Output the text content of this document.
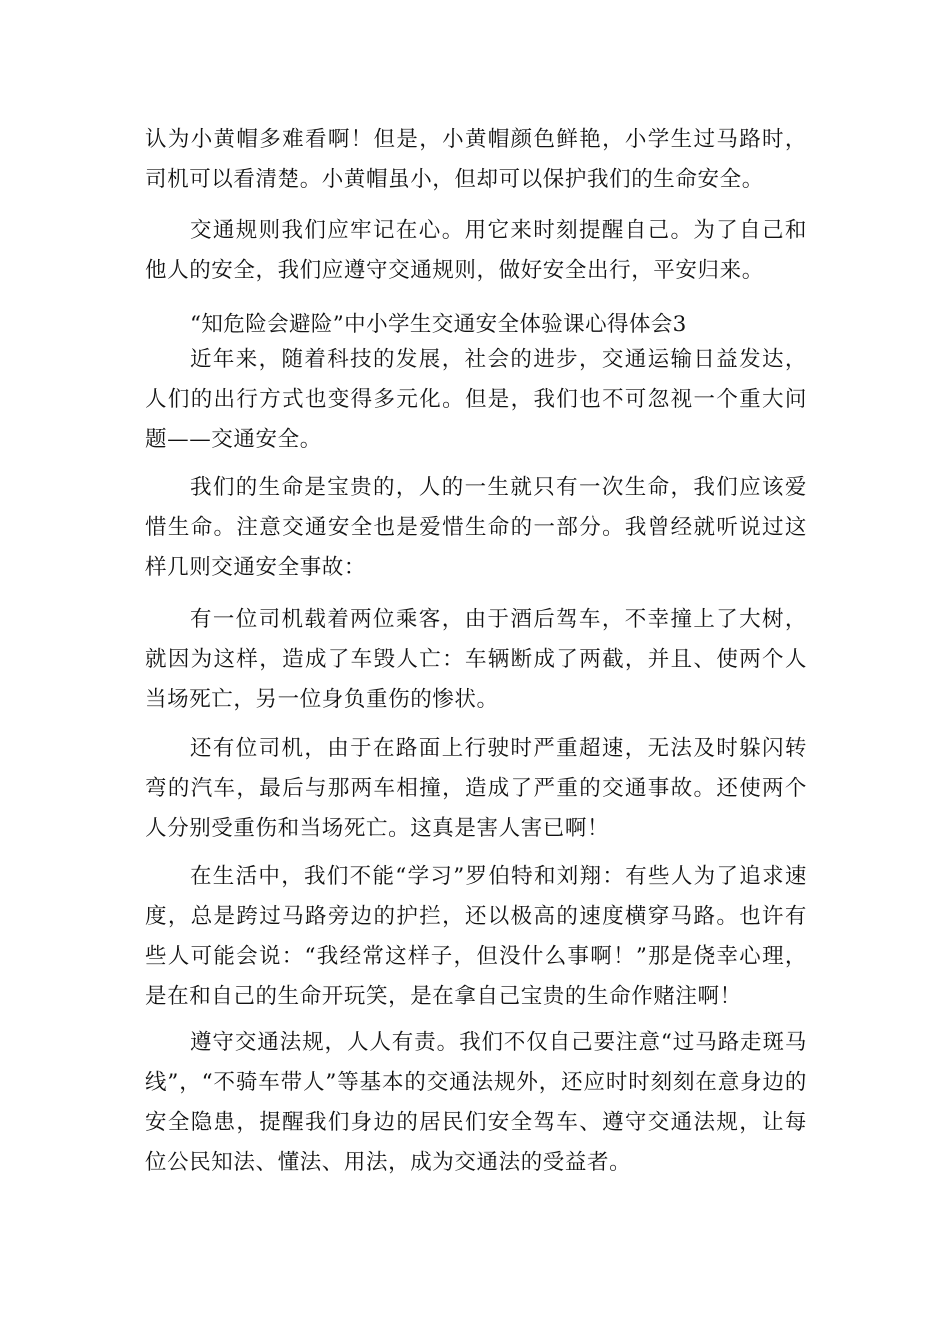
认为小黄帽多难看啊！但是，小黄帽颜色鲜艳，小学生过马路时，司机可以看清楚。小黄帽虽小，但却可以保护我们的生命安全。

交通规则我们应牢记在心。用它来时刻提醒自己。为了自己和他人的安全，我们应遵守交通规则，做好安全出行，平安归来。

“知危险会避险”中小学生交通安全体验课心得体会3

近年来，随着科技的发展，社会的进步，交通运输日益发达，人们的出行方式也变得多元化。但是，我们也不可忽视一个重大问题——交通安全。

我们的生命是宝贵的，人的一生就只有一次生命，我们应该爱惜生命。注意交通安全也是爱惜生命的一部分。我曾经就听说过这样几则交通安全事故：

有一位司机载着两位乘客，由于酒后驾车，不幸撞上了大树，就因为这样，造成了车毁人亡：车辆断成了两截，并且、使两个人当场死亡，另一位身负重伤的惨状。

还有位司机，由于在路面上行驶时严重超速，无法及时躲闪转弯的汽车，最后与那两车相撞，造成了严重的交通事故。还使两个人分别受重伤和当场死亡。这真是害人害已啊！

在生活中，我们不能“学习”罗伯特和刘翔：有些人为了追求速度，总是跨过马路旁边的护拦，还以极高的速度横穿马路。也许有些人可能会说：“我经常这样子，但没什么事啊！”那是侥幸心理，是在和自己的生命开玩笑，是在拿自己宝贵的生命作赌注啊！

遵守交通法规，人人有责。我们不仅自己要注意“过马路走斑马线”，“不骑车带人”等基本的交通法规外，还应时时刻刻在意身边的安全隐患，提醒我们身边的居民们安全驾车、遵守交通法规，让每位公民知法、懂法、用法，成为交通法的受益者。
